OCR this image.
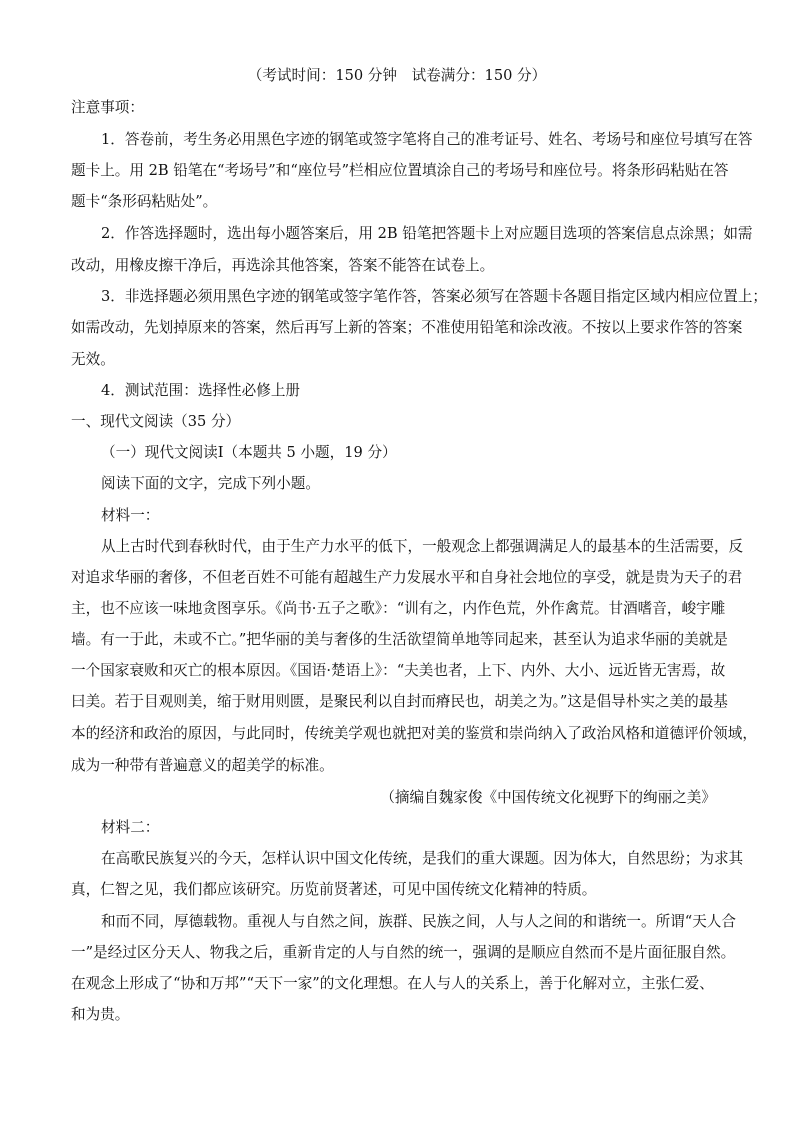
（考试时间：150 分钟　试卷满分：150 分）
注意事项：
1．答卷前，考生务必用黑色字迹的钢笔或签字笔将自己的准考证号、姓名、考场号和座位号填写在答
题卡上。用 2B 铅笔在“考场号”和“座位号”栏相应位置填涂自己的考场号和座位号。将条形码粘贴在答
题卡“条形码粘贴处”。
2．作答选择题时，选出每小题答案后，用 2B 铅笔把答题卡上对应题目选项的答案信息点涂黑；如需
改动，用橡皮擦干净后，再选涂其他答案，答案不能答在试卷上。
3．非选择题必须用黑色字迹的钢笔或签字笔作答，答案必须写在答题卡各题目指定区域内相应位置上；
如需改动，先划掉原来的答案，然后再写上新的答案；不准使用铅笔和涂改液。不按以上要求作答的答案
无效。
4．测试范围：选择性必修上册
一、现代文阅读（35 分）
（一）现代文阅读Ⅰ（本题共 5 小题，19 分）
阅读下面的文字，完成下列小题。
材料一：
从上古时代到春秋时代，由于生产力水平的低下，一般观念上都强调满足人的最基本的生活需要，反
对追求华丽的奢侈，不但老百姓不可能有超越生产力发展水平和自身社会地位的享受，就是贵为天子的君
主，也不应该一味地贪图享乐。《尚书·五子之歌》：“训有之，内作色荒，外作禽荒。甘酒嗜音，峻宇雕
墙。有一于此，未或不亡。”把华丽的美与奢侈的生活欲望简单地等同起来，甚至认为追求华丽的美就是
一个国家衰败和灭亡的根本原因。《国语·楚语上》：“夫美也者，上下、内外、大小、远近皆无害焉，故
曰美。若于目观则美，缩于财用则匮，是聚民利以自封而瘠民也，胡美之为。”这是倡导朴实之美的最基
本的经济和政治的原因，与此同时，传统美学观也就把对美的鉴赏和崇尚纳入了政治风格和道德评价领域，
成为一种带有普遍意义的超美学的标准。
（摘编自魏家俊《中国传统文化视野下的绚丽之美》
材料二：
在高歌民族复兴的今天，怎样认识中国文化传统，是我们的重大课题。因为体大，自然思纷；为求其
真，仁智之见，我们都应该研究。历览前贤著述，可见中国传统文化精神的特质。
和而不同，厚德载物。重视人与自然之间，族群、民族之间，人与人之间的和谐统一。所谓“天人合
一”是经过区分天人、物我之后，重新肯定的人与自然的统一，强调的是顺应自然而不是片面征服自然。
在观念上形成了“协和万邦”“天下一家”的文化理想。在人与人的关系上，善于化解对立，主张仁爱、
和为贵。
